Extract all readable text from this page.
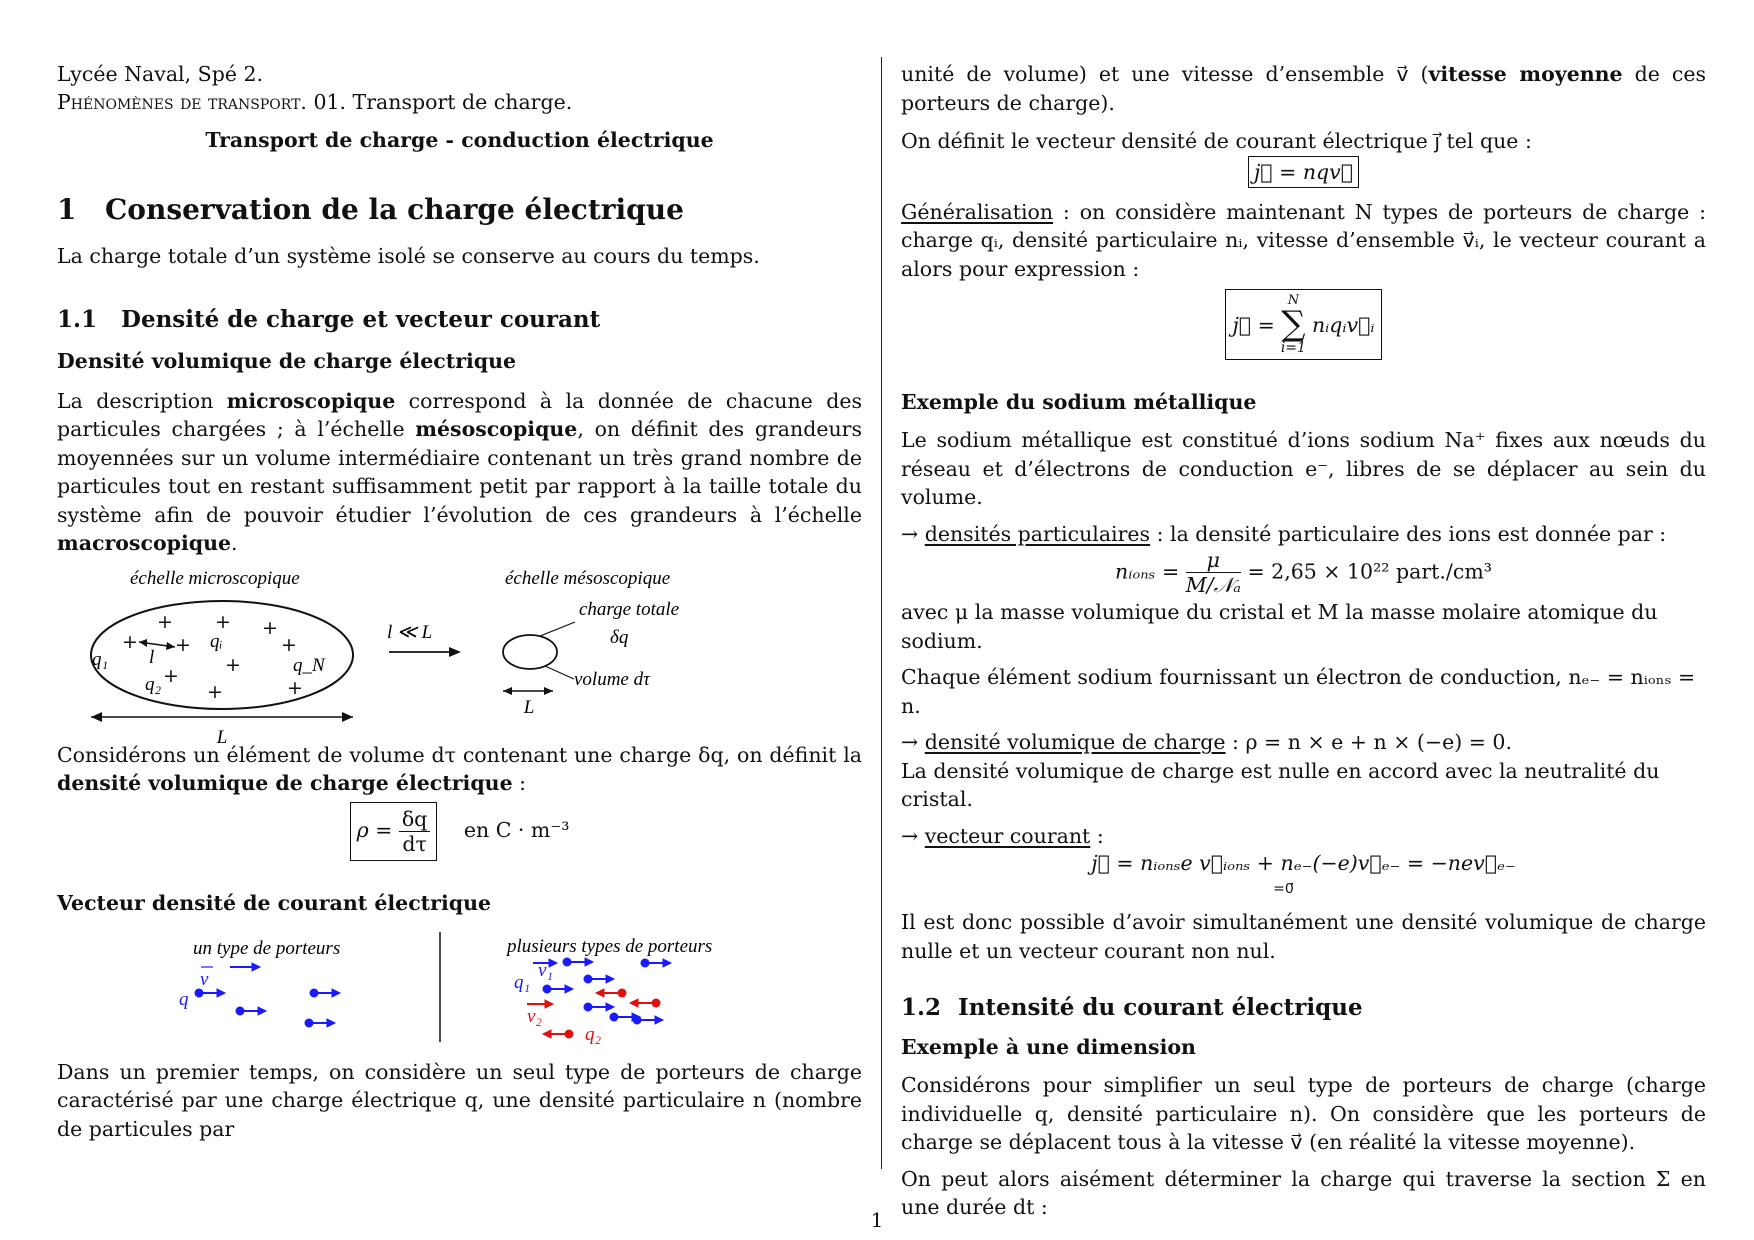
Lycée Naval, Spé 2.
Phénomènes de transport. 01. Transport de charge.
Transport de charge - conduction électrique
1 Conservation de la charge électrique

La charge totale d’un système isolé se conserve au cours du temps.

1.1 Densité de charge et vecteur courant
Densité volumique de charge électrique

La description microscopique correspond à la donnée de chacune des particules chargées ; à l’échelle mésoscopique, on définit des grandeurs moyennées sur un volume intermédiaire contenant un très grand nombre de particules tout en restant suffisamment petit par rapport à la taille totale du système afin de pouvoir étudier l’évolution de ces grandeurs à l’échelle macroscopique.

échelle microscopique	échelle mésoscopique
+ + +
+ +	+
+
+
+	+
qᵢ
q₁ l	q_N
q₂
L
l ≪ L
charge totale
δq
volume dτ
L

Considérons un élément de volume dτ contenant une charge δq, on définit la densité volumique de charge électrique :

$\rho = \frac{\delta q}{d\tau}$ en C · m⁻³
Vecteur densité de courant électrique
un type de porteurs	plusieurs types de porteurs
q
v	q₁
v₁
v₂
q₂

Dans un premier temps, on considère un seul type de porteurs de charge caractérisé par une charge électrique q, une densité particulaire n (nombre de particules par

unité de volume) et une vitesse d’ensemble v⃗ (vitesse moyenne de ces porteurs de charge).

On définit le vecteur densité de courant électrique j⃗ tel que :

j⃗ = nqv⃗

Généralisation : on considère maintenant N types de porteurs de charge : charge qᵢ, densité particulaire nᵢ, vitesse d’ensemble v⃗ᵢ, le vecteur courant a alors pour expression :

j⃗ =
N
∑
i=1
nᵢqᵢv⃗ᵢ
Exemple du sodium métallique

Le sodium métallique est constitué d’ions sodium Na⁺ fixes aux nœuds du réseau et d’électrons de conduction e⁻, libres de se déplacer au sein du volume.

→ densités particulaires : la densité particulaire des ions est donnée par :

nᵢₒₙₛ = $\frac{\mu}{\text{M/𝒩ₐ}} = 2,65 \times 10^{22}$ part./cm³

avec μ la masse volumique du cristal et M la masse molaire atomique du sodium.

Chaque élément sodium fournissant un électron de conduction, nₑ₋ = nᵢₒₙₛ = n.

→ densité volumique de charge : ρ = n × e + n × (−e) = 0.

La densité volumique de charge est nulle en accord avec la neutralité du cristal.

→ vecteur courant :

j⃗ = nᵢₒₙₛe v⃗ᵢₒₙₛ + nₑ₋(−e)v⃗ₑ₋ = −nev⃗ₑ₋
=0⃗

Il est donc possible d’avoir simultanément une densité volumique de charge nulle et un vecteur courant non nul.

1.2 Intensité du courant électrique
Exemple à une dimension

Considérons pour simplifier un seul type de porteurs de charge (charge individuelle q, densité particulaire n). On considère que les porteurs de charge se déplacent tous à la vitesse v⃗ (en réalité la vitesse moyenne).

On peut alors aisément déterminer la charge qui traverse la section Σ en une durée dt :

1
